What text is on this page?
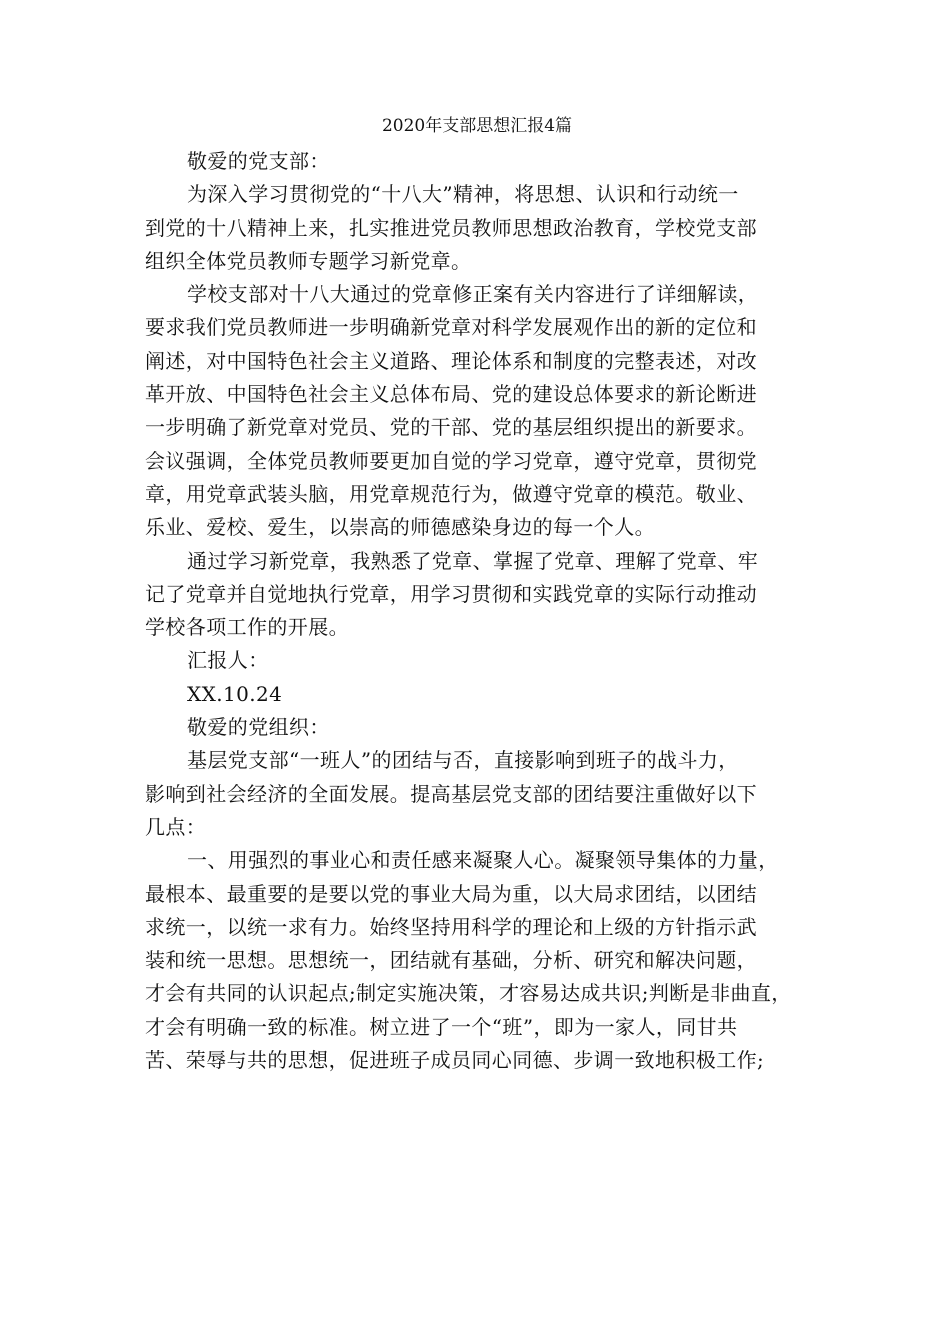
2020年支部思想汇报4篇
敬爱的党支部：
为深入学习贯彻党的“十八大”精神，将思想、认识和行动统一
到党的十八精神上来，扎实推进党员教师思想政治教育，学校党支部
组织全体党员教师专题学习新党章。
学校支部对十八大通过的党章修正案有关内容进行了详细解读，
要求我们党员教师进一步明确新党章对科学发展观作出的新的定位和
阐述，对中国特色社会主义道路、理论体系和制度的完整表述，对改
革开放、中国特色社会主义总体布局、党的建设总体要求的新论断进
一步明确了新党章对党员、党的干部、党的基层组织提出的新要求。
会议强调，全体党员教师要更加自觉的学习党章，遵守党章，贯彻党
章，用党章武装头脑，用党章规范行为，做遵守党章的模范。敬业、
乐业、爱校、爱生，以崇高的师德感染身边的每一个人。
通过学习新党章，我熟悉了党章、掌握了党章、理解了党章、牢
记了党章并自觉地执行党章，用学习贯彻和实践党章的实际行动推动
学校各项工作的开展。
汇报人：
XX.10.24
敬爱的党组织：
基层党支部“一班人”的团结与否，直接影响到班子的战斗力，
影响到社会经济的全面发展。提高基层党支部的团结要注重做好以下
几点：
一、用强烈的事业心和责任感来凝聚人心。凝聚领导集体的力量，
最根本、最重要的是要以党的事业大局为重，以大局求团结，以团结
求统一，以统一求有力。始终坚持用科学的理论和上级的方针指示武
装和统一思想。思想统一，团结就有基础，分析、研究和解决问题，
才会有共同的认识起点;制定实施决策，才容易达成共识;判断是非曲直，
才会有明确一致的标准。树立进了一个“班”，即为一家人，同甘共
苦、荣辱与共的思想，促进班子成员同心同德、步调一致地积极工作;
